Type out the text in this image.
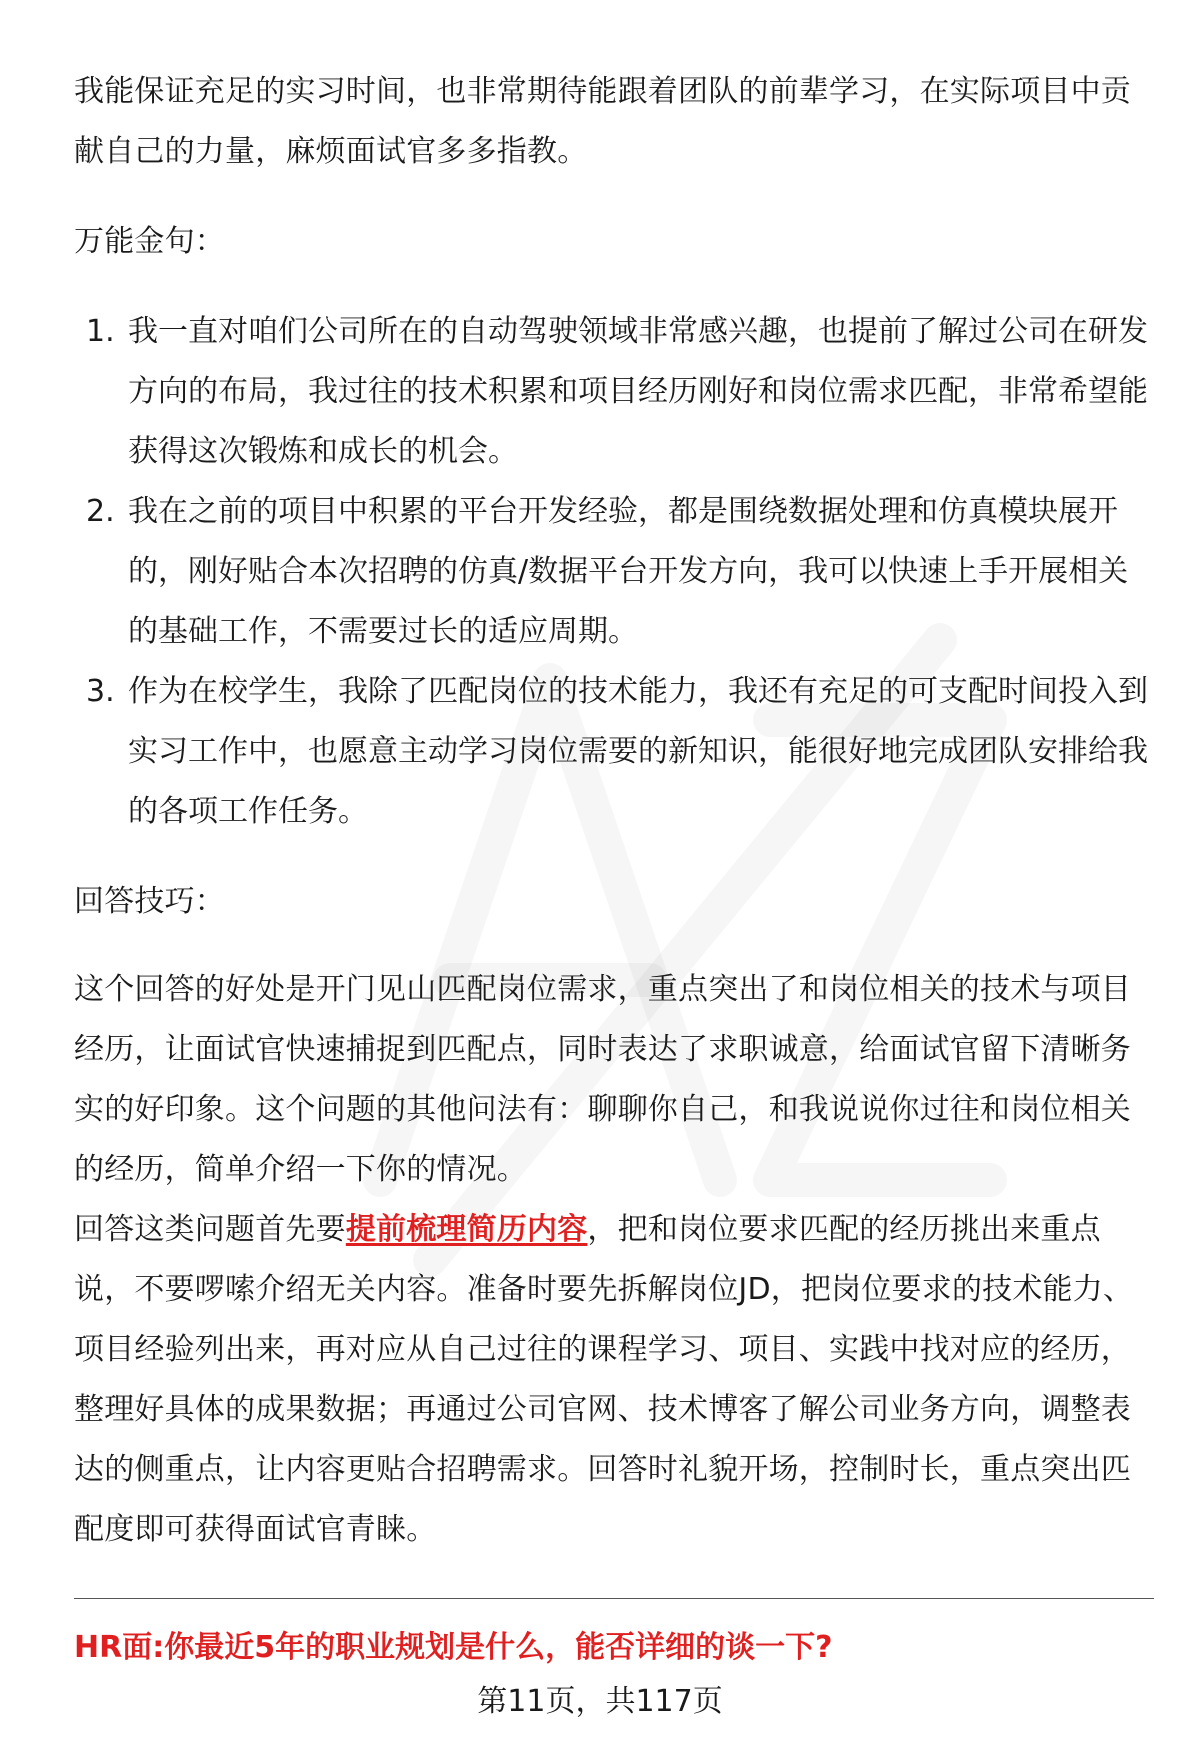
我能保证充足的实习时间，也非常期待能跟着团队的前辈学习，在实际项目中贡献自己的力量，麻烦面试官多多指教。

万能金句：

1. 我一直对咱们公司所在的自动驾驶领域非常感兴趣，也提前了解过公司在研发方向的布局，我过往的技术积累和项目经历刚好和岗位需求匹配，非常希望能获得这次锻炼和成长的机会。
2. 我在之前的项目中积累的平台开发经验，都是围绕数据处理和仿真模块展开的，刚好贴合本次招聘的仿真/数据平台开发方向，我可以快速上手开展相关的基础工作，不需要过长的适应周期。
3. 作为在校学生，我除了匹配岗位的技术能力，我还有充足的可支配时间投入到实习工作中，也愿意主动学习岗位需要的新知识，能很好地完成团队安排给我的各项工作任务。

回答技巧：

这个回答的好处是开门见山匹配岗位需求，重点突出了和岗位相关的技术与项目经历，让面试官快速捕捉到匹配点，同时表达了求职诚意，给面试官留下清晰务实的好印象。这个问题的其他问法有：聊聊你自己，和我说说你过往和岗位相关的经历，简单介绍一下你的情况。

回答这类问题首先要提前梳理简历内容，把和岗位要求匹配的经历挑出来重点说，不要啰嗦介绍无关内容。准备时要先拆解岗位JD，把岗位要求的技术能力、项目经验列出来，再对应从自己过往的课程学习、项目、实践中找对应的经历，整理好具体的成果数据；再通过公司官网、技术博客了解公司业务方向，调整表达的侧重点，让内容更贴合招聘需求。回答时礼貌开场，控制时长，重点突出匹配度即可获得面试官青睐。

HR面:你最近5年的职业规划是什么，能否详细的谈一下?

第11页，共117页
